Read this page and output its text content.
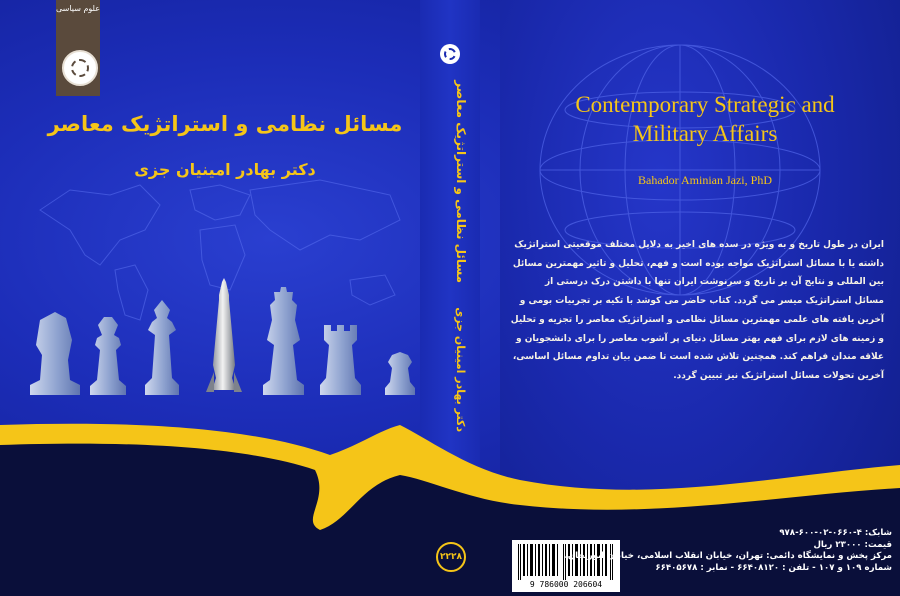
علوم سیاسی
مسائل نظامی و استراتژیک معاصر
دکتر بهادر امینیان جزی	مسائل نظامی و استراتژیک معاصر
دکتر بهادر امینیان جزی
۲۲۲۸
Contemporary Strategic and
Military Affairs
Bahador Aminian Jazi, PhD
ایران در طول تاریخ و به ویژه در سده های اخیر به دلایل مختلف موقعیتی استراتژیک
داشته یا با مسائل استراتژیک مواجه بوده است و فهم، تحلیل و تاثیر مهمترین مسائل
بین المللی و نتایج آن بر تاریخ و سرنوشت ایران تنها با داشتن درک درستی از
مسائل استراتژیک میسر می گردد. کتاب حاضر می کوشد با تکیه بر تجربیات بومی و
آخرین یافته های علمی مهمترین مسائل نظامی و استراتژیک معاصر را تجزیه و تحلیل
و زمینه های لازم برای فهم بهتر مسائل دنیای پر آشوب معاصر را برای دانشجویان و
علاقه مندان فراهم کند. همچنین تلاش شده است تا ضمن بیان تداوم مسائل اساسی،
آخرین تحولات مسائل استراتژیک نیز تبیین گردد.
9 786000 206604
شابک: ۴-۰۶۶۰-۰۲-۶۰۰-۹۷۸
قیمت: ۲۳۰۰۰ ریال
مرکز پخش و نمایشگاه دائمی: تهران، خیابان انقلاب اسلامی، خیابان ابوریحان،
شماره ۱۰۹ و ۱۰۷ - تلفن : ۶۶۴۰۸۱۲۰ - نمابر : ۶۶۴۰۵۶۷۸
